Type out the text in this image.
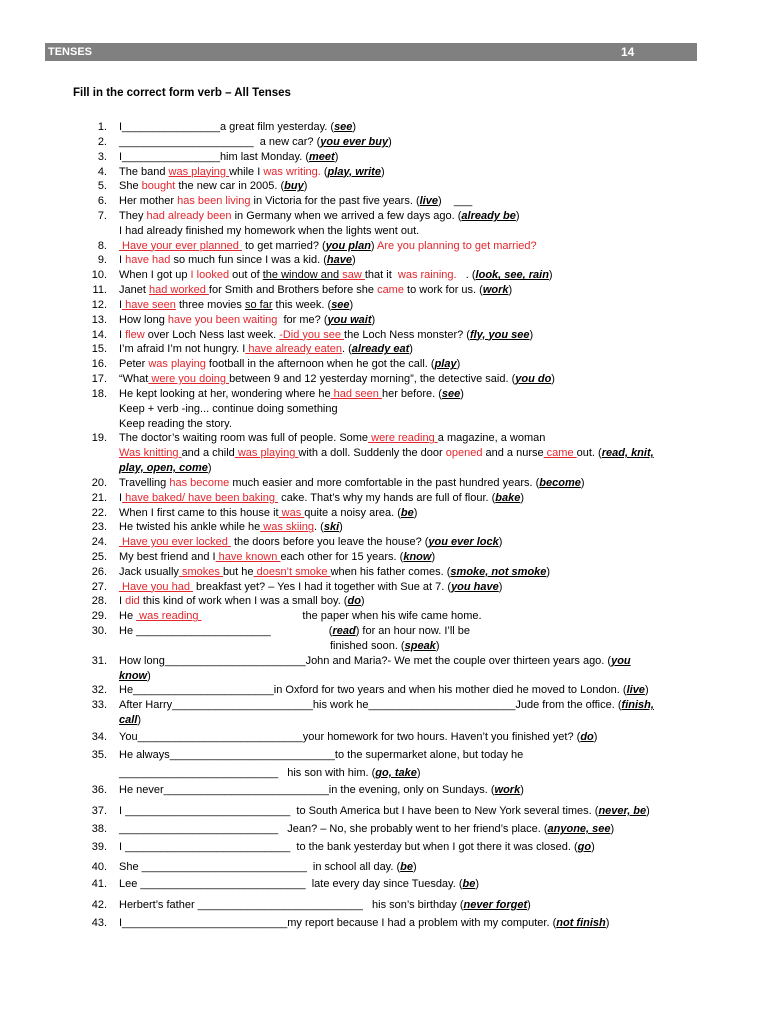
TENSES	14
Fill in the correct form verb – All Tenses
1. I________________a great film yesterday. (see)
2. ______________________  a new car? (you ever buy)
3. I________________him last Monday. (meet)
4. The band was playing while I was writing. (play, write)
5. She bought the new car in 2005. (buy)
6. Her mother has been living in Victoria for the past five years. (live)    ___
7. They had already been in Germany when we arrived a few days ago. (already be)
I had already finished my homework when the lights went out.
8. Have your ever planned  to get married? (you plan) Are you planning to get married?
9. I have had so much fun since I was a kid. (have)
10. When I got up I looked out of the window and saw that it  was raining.   . (look, see, rain)
11. Janet had worked for Smith and Brothers before she came to work for us. (work)
12. I have seen three movies so far this week. (see)
13. How long have you been waiting  for me? (you wait)
14. I flew over Loch Ness last week. -Did you see the Loch Ness monster? (fly, you see)
15. I’m afraid I’m not hungry. I have already eaten. (already eat)
16. Peter was playing football in the afternoon when he got the call. (play)
17. “What were you doing between 9 and 12 yesterday morning”, the detective said. (you do)
18. He kept looking at her, wondering where he had seen her before. (see)
Keep + verb -ing... continue doing something
Keep reading the story.
19. The doctor’s waiting room was full of people. Some were reading a magazine, a woman
Was knitting and a child was playing with a doll. Suddenly the door opened and a nurse came out. (read, knit,
play, open, come)
20. Travelling has become much easier and more comfortable in the past hundred years. (become)
21. I have baked/ have been baking  cake. That’s why my hands are full of flour. (bake)
22. When I first came to this house it was quite a noisy area. (be)
23. He twisted his ankle while he was skiing. (ski)
24. Have you ever locked  the doors before you leave the house? (you ever lock)
25. My best friend and I have known each other for 15 years. (know)
26. Jack usually smokes but he doesn’t smoke when his father comes. (smoke, not smoke)
27. Have you had  breakfast yet? – Yes I had it together with Sue at 7. (you have)
28. I did this kind of work when I was a small boy. (do)
29. He  was reading                                  the paper when his wife came home.
30. He ______________________                   (read) for an hour now. I’ll be
finished soon. (speak)
31. How long_______________________John and Maria?- We met the couple over thirteen years ago. (you
know)
32. He_______________________in Oxford for two years and when his mother died he moved to London. (live)
33. After Harry_______________________his work he________________________Jude from the office. (finish,
call)
34. You___________________________your homework for two hours. Haven’t you finished yet? (do)
35. He always___________________________to the supermarket alone, but today he
__________________________   his son with him. (go, take)
36. He never___________________________in the evening, only on Sundays. (work)
37. I ___________________________  to South America but I have been to New York several times. (never, be)
38. __________________________   Jean? – No, she probably went to her friend’s place. (anyone, see)
39. I ___________________________  to the bank yesterday but when I got there it was closed. (go)
40. She ___________________________  in school all day. (be)
41. Lee ___________________________  late every day since Tuesday. (be)
42. Herbert’s father ___________________________   his son’s birthday (never forget)
43. I___________________________my report because I had a problem with my computer. (not finish)
